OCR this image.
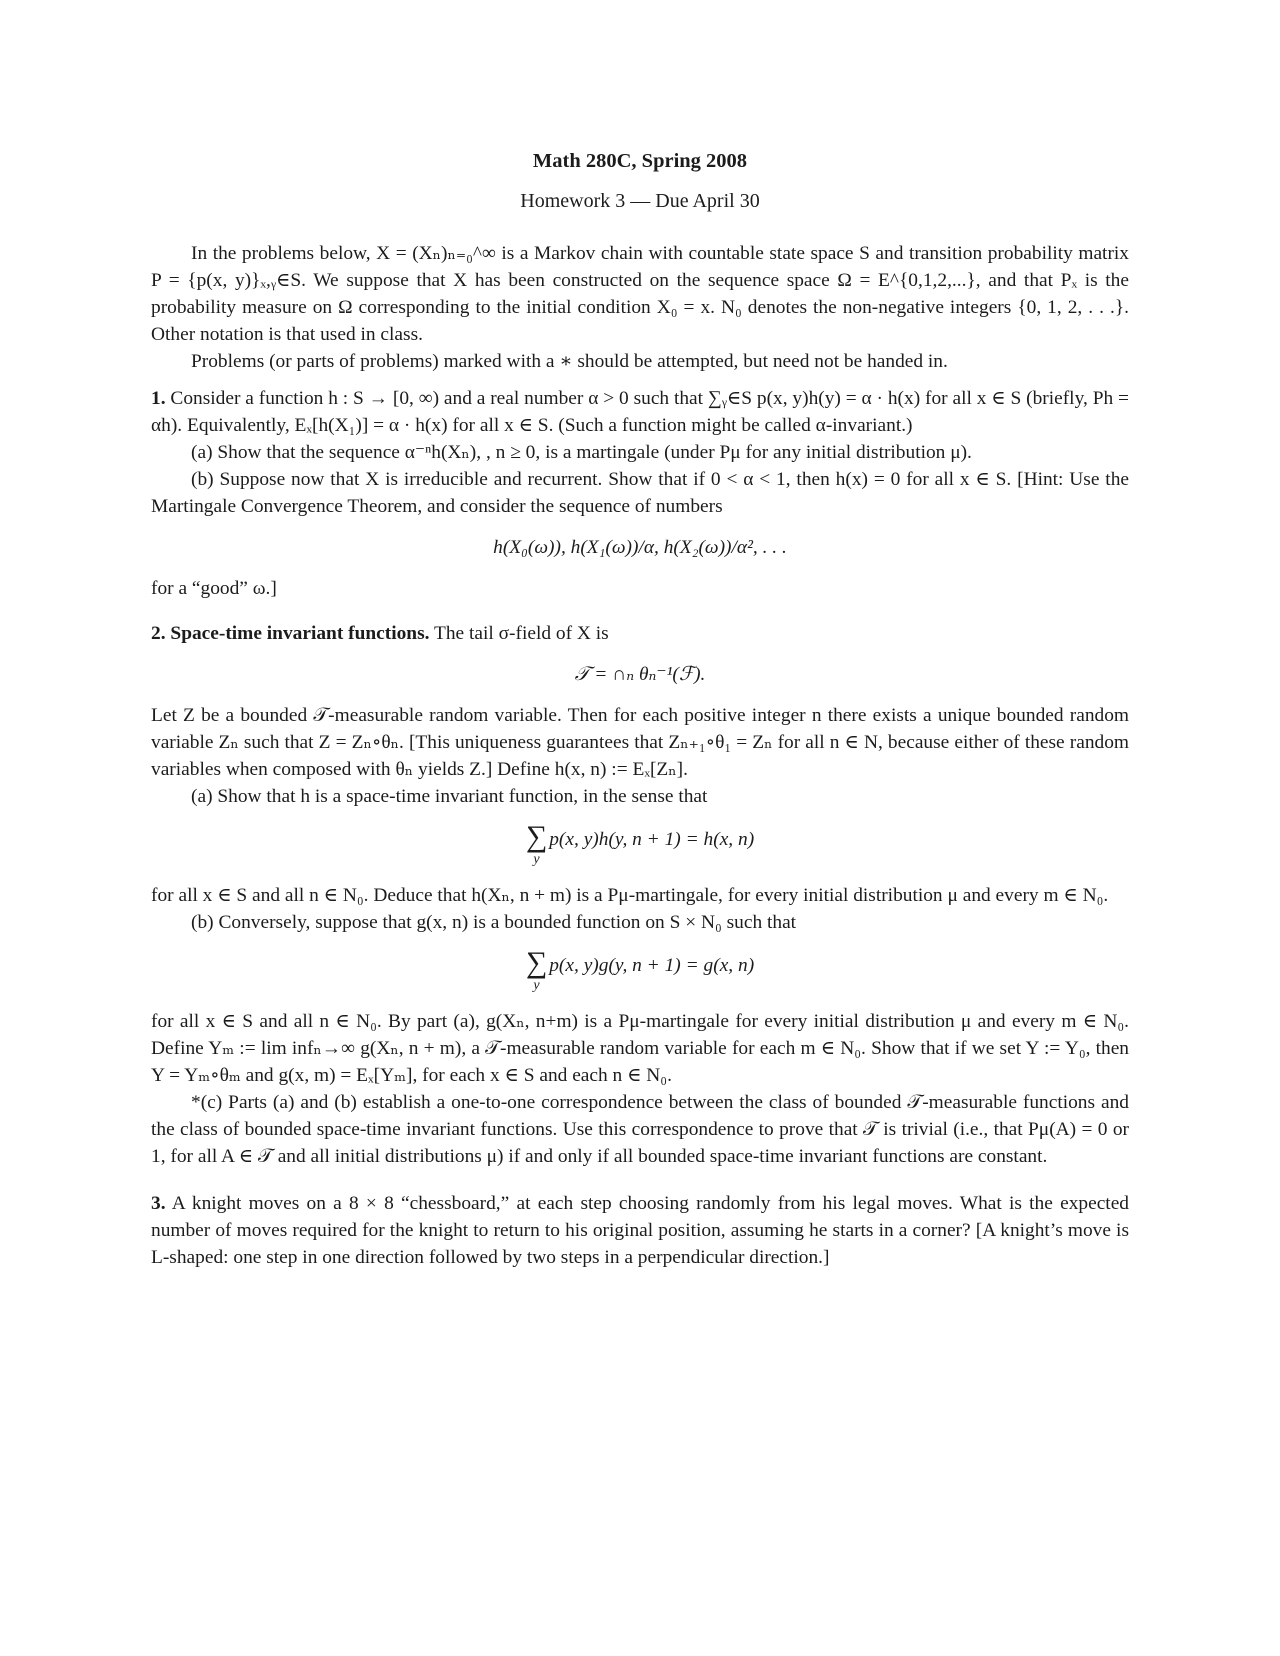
Math 280C, Spring 2008
Homework 3 — Due April 30

In the problems below, X = (Xₙ)ₙ₌₀^∞ is a Markov chain with countable state space S and transition probability matrix P = {p(x, y)}ₓ,ᵧ∈S. We suppose that X has been constructed on the sequence space Ω = E^{0,1,2,...}, and that Pₓ is the probability measure on Ω corresponding to the initial condition X₀ = x. N₀ denotes the non-negative integers {0, 1, 2, . . .}. Other notation is that used in class.

Problems (or parts of problems) marked with a ∗ should be attempted, but need not be handed in.

1. Consider a function h : S → [0, ∞) and a real number α > 0 such that ∑ᵧ∈S p(x, y)h(y) = α · h(x) for all x ∈ S (briefly, Ph = αh). Equivalently, Eₓ[h(X₁)] = α · h(x) for all x ∈ S. (Such a function might be called α-invariant.)

(a) Show that the sequence α⁻ⁿh(Xₙ), , n ≥ 0, is a martingale (under Pμ for any initial distribution μ).

(b) Suppose now that X is irreducible and recurrent. Show that if 0 < α < 1, then h(x) = 0 for all x ∈ S. [Hint: Use the Martingale Convergence Theorem, and consider the sequence of numbers

h(X₀(ω)), h(X₁(ω))/α, h(X₂(ω))/α², . . .

for a “good” ω.]

2. Space-time invariant functions. The tail σ-field of X is

𝒯 = ∩ₙ θₙ⁻¹(ℱ).

Let Z be a bounded 𝒯-measurable random variable. Then for each positive integer n there exists a unique bounded random variable Zₙ such that Z = Zₙ∘θₙ. [This uniqueness guarantees that Zₙ₊₁∘θ₁ = Zₙ for all n ∈ N, because either of these random variables when composed with θₙ yields Z.] Define h(x, n) := Eₓ[Zₙ].

(a) Show that h is a space-time invariant function, in the sense that

∑
y
p(x, y)h(y, n + 1) = h(x, n)

for all x ∈ S and all n ∈ N₀. Deduce that h(Xₙ, n + m) is a Pμ-martingale, for every initial distribution μ and every m ∈ N₀.

(b) Conversely, suppose that g(x, n) is a bounded function on S × N₀ such that

∑
y
p(x, y)g(y, n + 1) = g(x, n)

for all x ∈ S and all n ∈ N₀. By part (a), g(Xₙ, n+m) is a Pμ-martingale for every initial distribution μ and every m ∈ N₀. Define Yₘ := lim infₙ→∞ g(Xₙ, n + m), a 𝒯-measurable random variable for each m ∈ N₀. Show that if we set Y := Y₀, then Y = Yₘ∘θₘ and g(x, m) = Eₓ[Yₘ], for each x ∈ S and each n ∈ N₀.

*(c) Parts (a) and (b) establish a one-to-one correspondence between the class of bounded 𝒯-measurable functions and the class of bounded space-time invariant functions. Use this correspondence to prove that 𝒯 is trivial (i.e., that Pμ(A) = 0 or 1, for all A ∈ 𝒯 and all initial distributions μ) if and only if all bounded space-time invariant functions are constant.

3. A knight moves on a 8 × 8 “chessboard,” at each step choosing randomly from his legal moves. What is the expected number of moves required for the knight to return to his original position, assuming he starts in a corner? [A knight’s move is L-shaped: one step in one direction followed by two steps in a perpendicular direction.]
